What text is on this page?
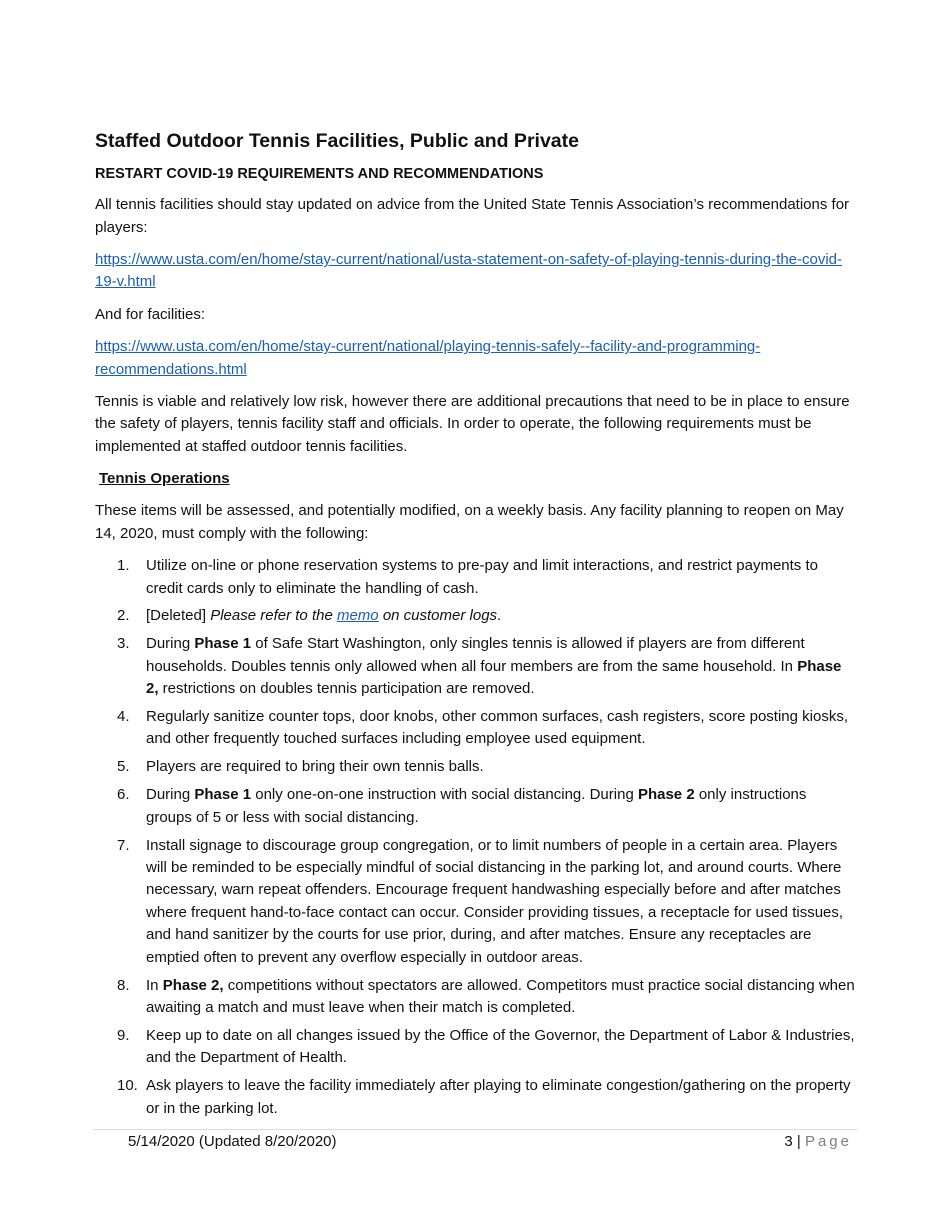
Staffed Outdoor Tennis Facilities, Public and Private
RESTART COVID-19 REQUIREMENTS AND RECOMMENDATIONS

All tennis facilities should stay updated on advice from the United State Tennis Association’s recommendations for players:

https://www.usta.com/en/home/stay-current/national/usta-statement-on-safety-of-playing-tennis-during-the-covid-19-v.html

And for facilities:

https://www.usta.com/en/home/stay-current/national/playing-tennis-safely--facility-and-programming-recommendations.html

Tennis is viable and relatively low risk, however there are additional precautions that need to be in place to ensure the safety of players, tennis facility staff and officials. In order to operate, the following requirements must be implemented at staffed outdoor tennis facilities.

Tennis Operations

These items will be assessed, and potentially modified, on a weekly basis. Any facility planning to reopen on May 14, 2020, must comply with the following:

1. Utilize on-line or phone reservation systems to pre-pay and limit interactions, and restrict payments to credit cards only to eliminate the handling of cash.
2. [Deleted] Please refer to the memo on customer logs.
3. During Phase 1 of Safe Start Washington, only singles tennis is allowed if players are from different households. Doubles tennis only allowed when all four members are from the same household. In Phase 2, restrictions on doubles tennis participation are removed.
4. Regularly sanitize counter tops, door knobs, other common surfaces, cash registers, score posting kiosks, and other frequently touched surfaces including employee used equipment.
5. Players are required to bring their own tennis balls.
6. During Phase 1 only one-on-one instruction with social distancing. During Phase 2 only instructions groups of 5 or less with social distancing.
7. Install signage to discourage group congregation, or to limit numbers of people in a certain area. Players will be reminded to be especially mindful of social distancing in the parking lot, and around courts. Where necessary, warn repeat offenders. Encourage frequent handwashing especially before and after matches where frequent hand-to-face contact can occur. Consider providing tissues, a receptacle for used tissues, and hand sanitizer by the courts for use prior, during, and after matches. Ensure any receptacles are emptied often to prevent any overflow especially in outdoor areas.
8. In Phase 2, competitions without spectators are allowed. Competitors must practice social distancing when awaiting a match and must leave when their match is completed.
9. Keep up to date on all changes issued by the Office of the Governor, the Department of Labor & Industries, and the Department of Health.
10. Ask players to leave the facility immediately after playing to eliminate congestion/gathering on the property or in the parking lot.
5/14/2020 (Updated 8/20/2020)	3 | Page
